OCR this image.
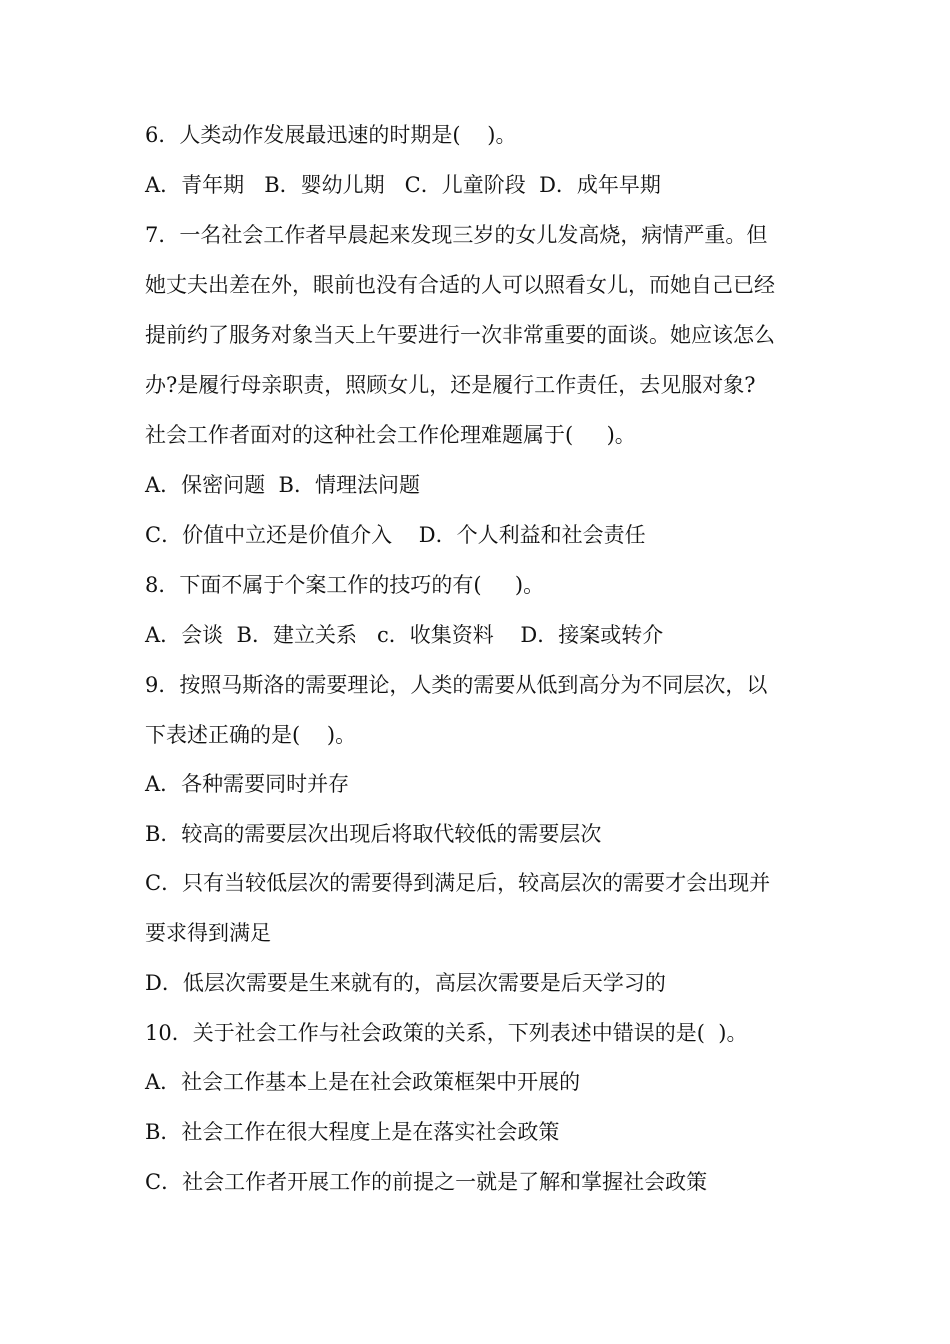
6．人类动作发展最迅速的时期是(    )。
A．青年期   B．婴幼儿期   C．儿童阶段  D．成年早期
7．一名社会工作者早晨起来发现三岁的女儿发高烧，病情严重。但
她丈夫出差在外，眼前也没有合适的人可以照看女儿，而她自己已经
提前约了服务对象当天上午要进行一次非常重要的面谈。她应该怎么
办?是履行母亲职责，照顾女儿，还是履行工作责任，去见服对象?
社会工作者面对的这种社会工作伦理难题属于(     )。
A．保密问题  B．情理法问题
C．价值中立还是价值介入    D．个人利益和社会责任
8．下面不属于个案工作的技巧的有(     )。
A．会谈  B．建立关系   c．收集资料    D．接案或转介
9．按照马斯洛的需要理论，人类的需要从低到高分为不同层次，以
下表述正确的是(    )。
A．各种需要同时并存
B．较高的需要层次出现后将取代较低的需要层次
C．只有当较低层次的需要得到满足后，较高层次的需要才会出现并
要求得到满足
D．低层次需要是生来就有的，高层次需要是后天学习的
10．关于社会工作与社会政策的关系，下列表述中错误的是(  )。
A．社会工作基本上是在社会政策框架中开展的
B．社会工作在很大程度上是在落实社会政策
C．社会工作者开展工作的前提之一就是了解和掌握社会政策
